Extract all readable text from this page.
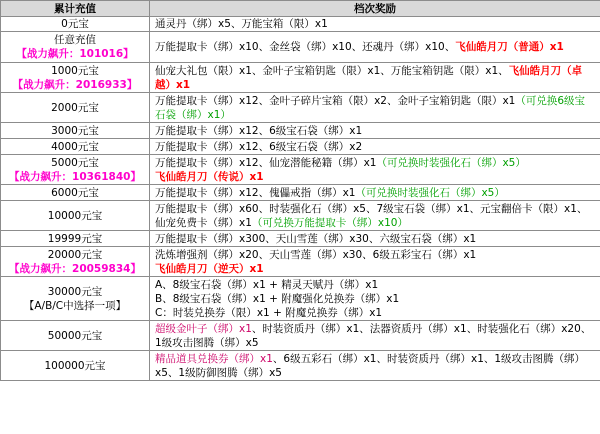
累计充值	档次奖励

0元宝	通灵丹（绑）x5、万能宝箱（限）x1

任意充值
【战力飙升：101016】	万能提取卡（绑）x10、金丝袋（绑）x10、还魂丹（绑）x10、飞仙皓月刀（普通）x1

1000元宝
【战力飙升：2016933】	仙宠大礼包（限）x1、金叶子宝箱钥匙（限）x1、万能宝箱钥匙（限）x1、飞仙皓月刀（卓
越）x1

2000元宝	万能提取卡（绑）x12、金叶子碎片宝箱（限）x2、金叶子宝箱钥匙（限）x1（可兑换6级宝
石袋（绑）x1）

3000元宝	万能提取卡（绑）x12、6级宝石袋（绑）x1

4000元宝	万能提取卡（绑）x12、6级宝石袋（绑）x2

5000元宝
【战力飙升：10361840】	万能提取卡（绑）x12、仙宠潜能秘籍（绑）x1（可兑换时装强化石（绑）x5）
飞仙皓月刀（传说）x1

6000元宝	万能提取卡（绑）x12、傀儡戒指（绑）x1（可兑换时装强化石（绑）x5）

10000元宝	万能提取卡（绑）x60、时装强化石（绑）x5、7级宝石袋（绑）x1、元宝翻倍卡（限）x1、
仙宠免费卡（绑）x1（可兑换万能提取卡（绑）x10）

19999元宝	万能提取卡（绑）x300、天山雪莲（绑）x30、六级宝石袋（绑）x1

20000元宝
【战力飙升：20059834】	洗炼增强剂（绑）x20、天山雪莲（绑）x30、6级五彩宝石（绑）x1
飞仙皓月刀（逆天）x1

30000元宝
【A/B/C中选择一项】	A、8级宝石袋（绑）x1 + 精灵天赋丹（绑）x1
B、8级宝石袋（绑）x1 + 附魔强化兑换券（绑）x1
C：时装兑换券（限）x1 + 附魔兑换券（绑）x1

50000元宝	超级金叶子（绑）x1、时装资质丹（绑）x1、法器资质丹（绑）x1、时装强化石（绑）x20、
1级攻击图腾（绑）x5

100000元宝	精品道具兑换券（绑）x1、6级五彩石（绑）x1、时装资质丹（绑）x1、1级攻击图腾（绑）
x5、1级防御图腾（绑）x5
